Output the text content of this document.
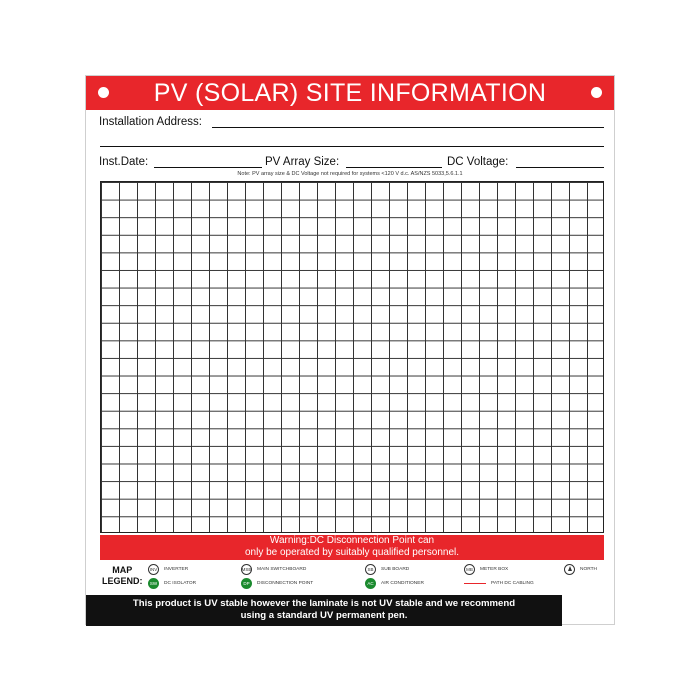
PV (SOLAR) SITE INFORMATION
Installation Address:
Inst.Date:	PV Array Size:	DC Voltage:
Note: PV array size & DC Voltage not required for systems <120 V d.c. AS/NZS 5033,5.6.1.1
Warning:DC Disconnection Point can
only be operated by suitably qualified personnel.
MAP
LEGEND:
INV	INVERTER	MSB MAIN SWITCHBOARD	SB	SUB BOARD	MB	METER BOX	NORTH
SW	DC ISOLATOR	DP	DISCONNECTION POINT	AC	AIR CONDITIONER	PATH DC CABLING
This product is UV stable however the laminate is not UV stable and we recommend
using a standard UV permanent pen.
